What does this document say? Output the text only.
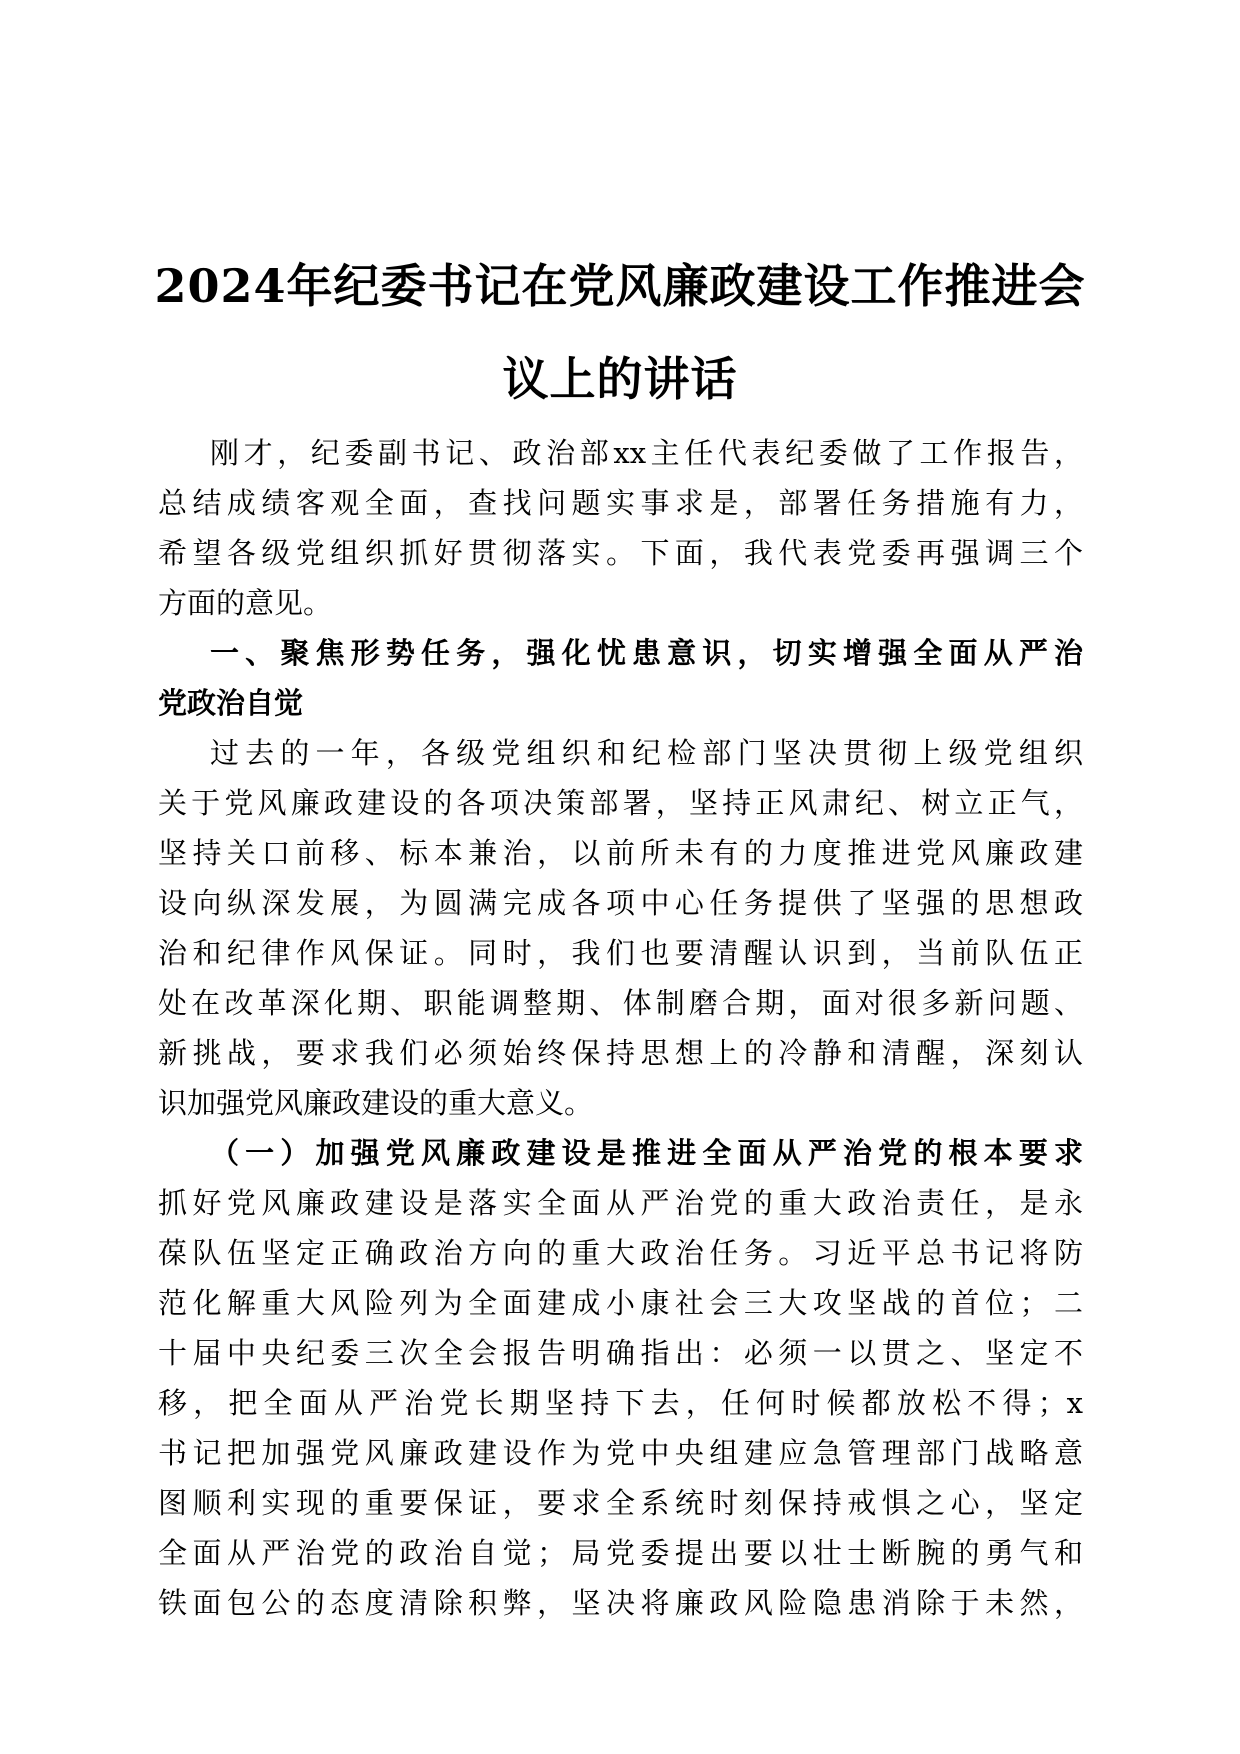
2024年纪委书记在党风廉政建设工作推进会
议上的讲话
刚才，纪委副书记、政治部xx主任代表纪委做了工作报告，
总结成绩客观全面，查找问题实事求是，部署任务措施有力，
希望各级党组织抓好贯彻落实。下面，我代表党委再强调三个
方面的意见。
一、聚焦形势任务，强化忧患意识，切实增强全面从严治
党政治自觉
过去的一年，各级党组织和纪检部门坚决贯彻上级党组织
关于党风廉政建设的各项决策部署，坚持正风肃纪、树立正气，
坚持关口前移、标本兼治，以前所未有的力度推进党风廉政建
设向纵深发展，为圆满完成各项中心任务提供了坚强的思想政
治和纪律作风保证。同时，我们也要清醒认识到，当前队伍正
处在改革深化期、职能调整期、体制磨合期，面对很多新问题、
新挑战，要求我们必须始终保持思想上的冷静和清醒，深刻认
识加强党风廉政建设的重大意义。
（一）加强党风廉政建设是推进全面从严治党的根本要求
抓好党风廉政建设是落实全面从严治党的重大政治责任，是永
葆队伍坚定正确政治方向的重大政治任务。习近平总书记将防
范化解重大风险列为全面建成小康社会三大攻坚战的首位；二
十届中央纪委三次全会报告明确指出：必须一以贯之、坚定不
移，把全面从严治党长期坚持下去，任何时候都放松不得；x
书记把加强党风廉政建设作为党中央组建应急管理部门战略意
图顺利实现的重要保证，要求全系统时刻保持戒惧之心，坚定
全面从严治党的政治自觉；局党委提出要以壮士断腕的勇气和
铁面包公的态度清除积弊，坚决将廉政风险隐患消除于未然，
